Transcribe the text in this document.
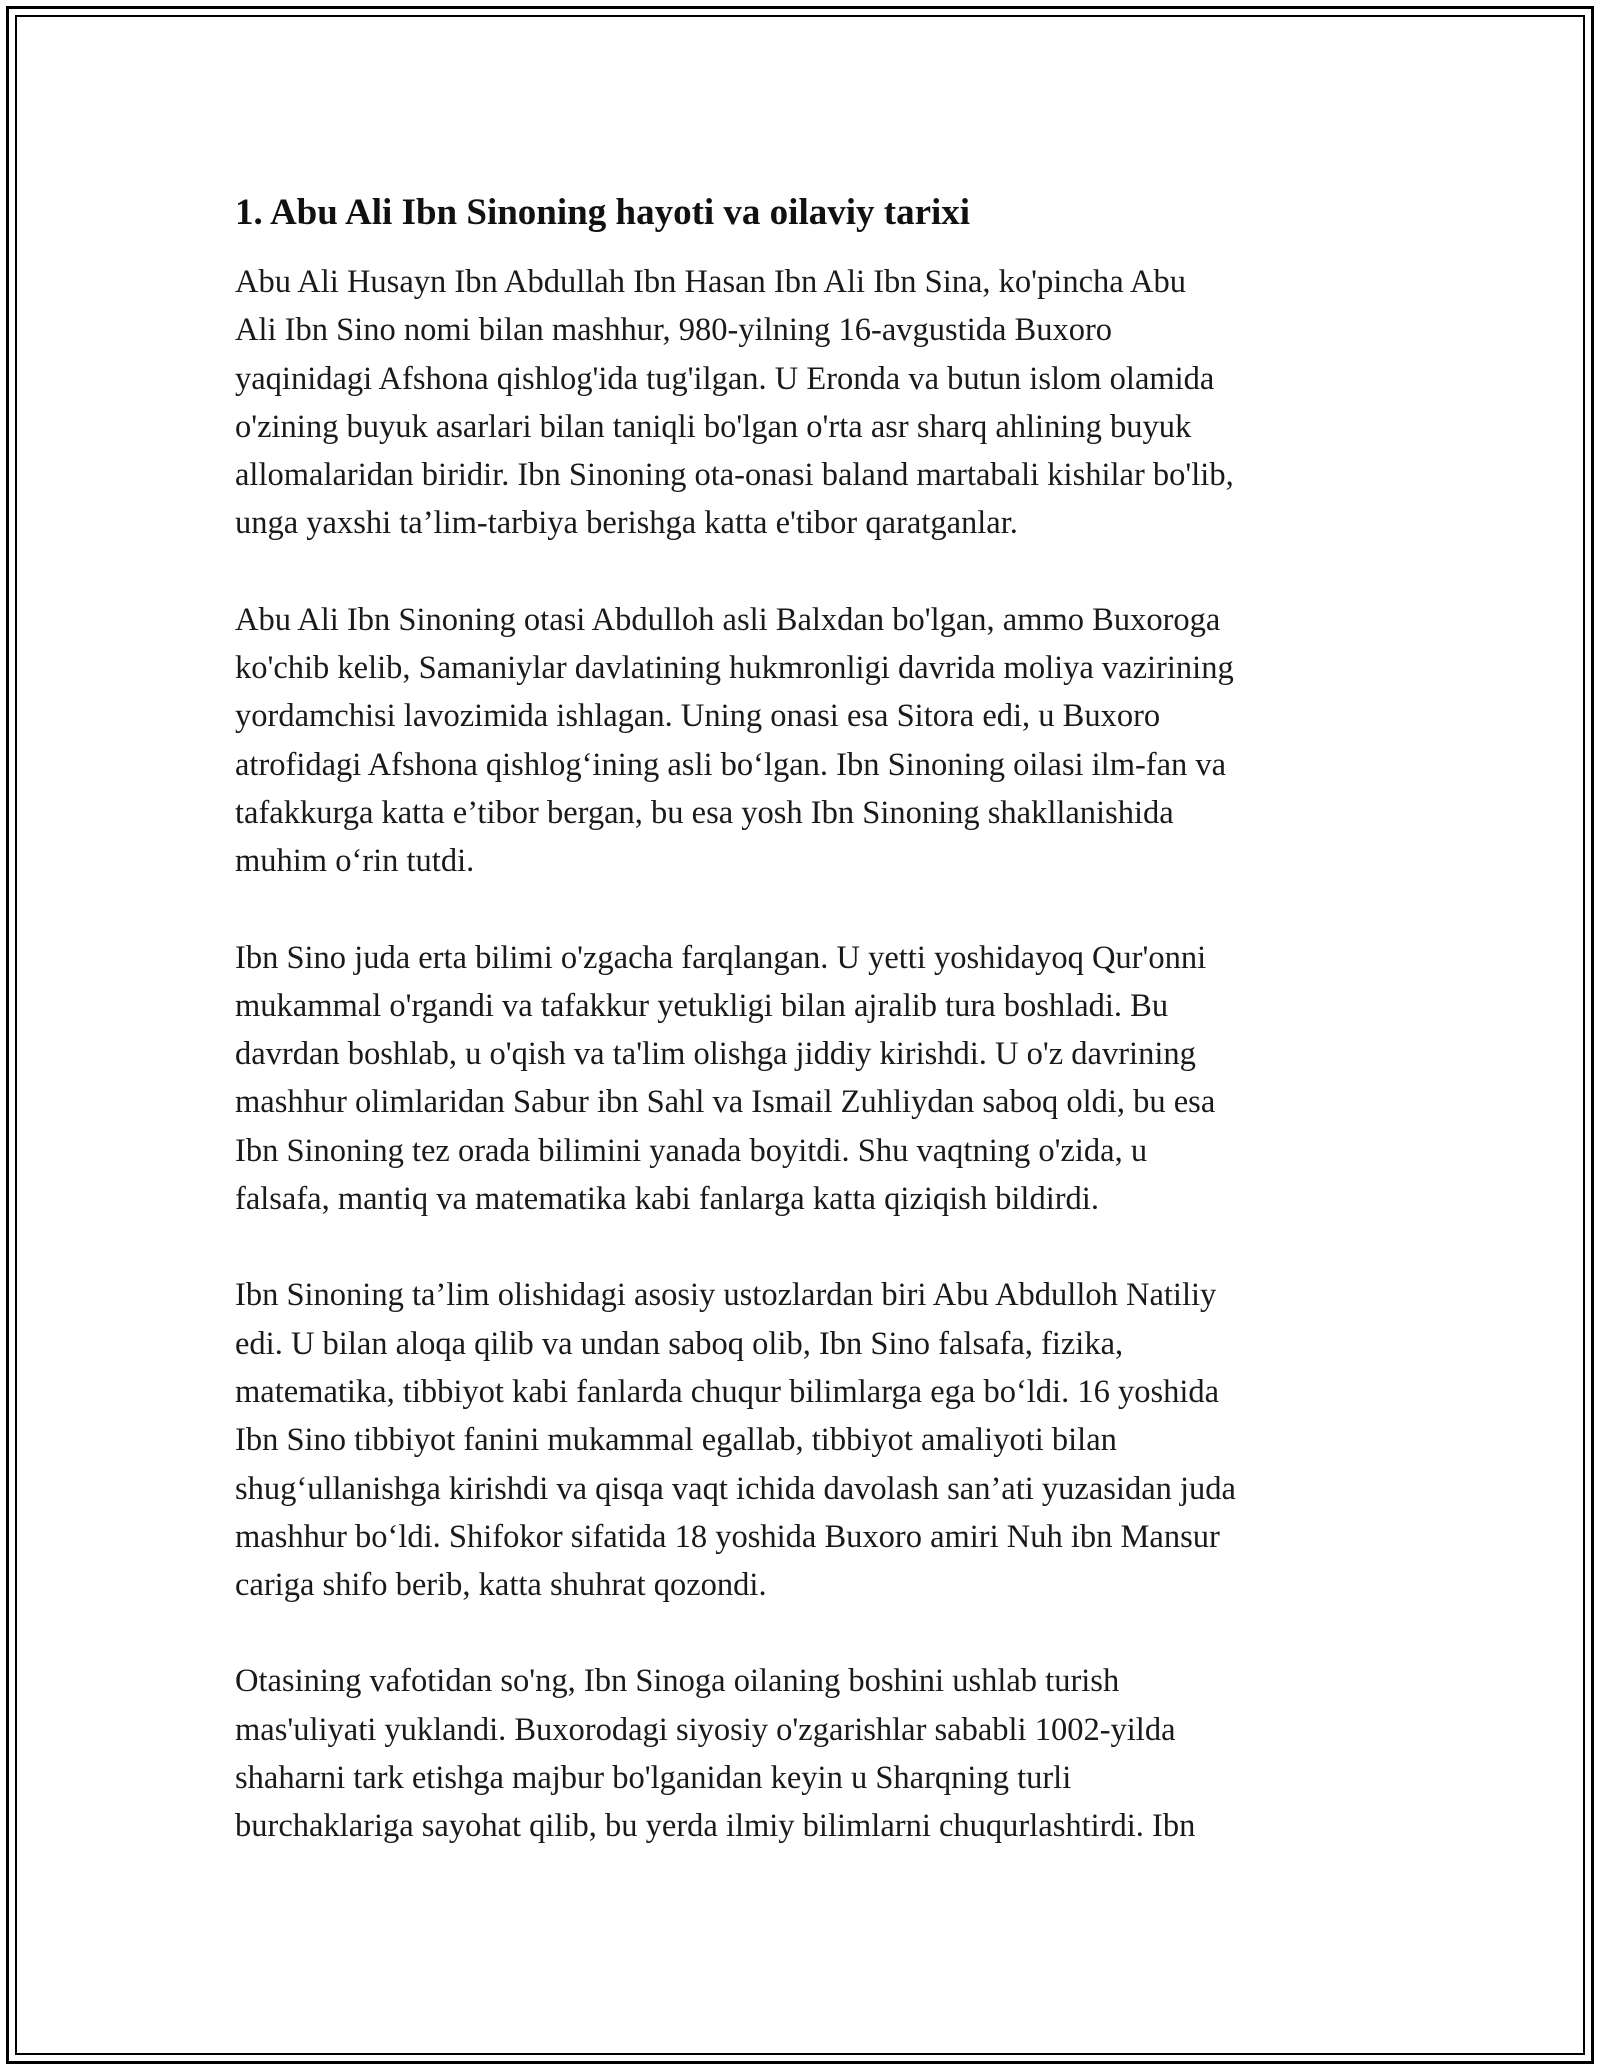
1. Abu Ali Ibn Sinoning hayoti va oilaviy tarixi

Abu Ali Husayn Ibn Abdullah Ibn Hasan Ibn Ali Ibn Sina, ko'pincha Abu
Ali Ibn Sino nomi bilan mashhur, 980-yilning 16-avgustida Buxoro
yaqinidagi Afshona qishlog'ida tug'ilgan. U Eronda va butun islom olamida
o'zining buyuk asarlari bilan taniqli bo'lgan o'rta asr sharq ahlining buyuk
allomalaridan biridir. Ibn Sinoning ota-onasi baland martabali kishilar bo'lib,
unga yaxshi ta’lim-tarbiya berishga katta e'tibor qaratganlar.

Abu Ali Ibn Sinoning otasi Abdulloh asli Balxdan bo'lgan, ammo Buxoroga
ko'chib kelib, Samaniylar davlatining hukmronligi davrida moliya vazirining
yordamchisi lavozimida ishlagan. Uning onasi esa Sitora edi, u Buxoro
atrofidagi Afshona qishlog‘ining asli bo‘lgan. Ibn Sinoning oilasi ilm-fan va
tafakkurga katta e’tibor bergan, bu esa yosh Ibn Sinoning shakllanishida
muhim o‘rin tutdi.

Ibn Sino juda erta bilimi o'zgacha farqlangan. U yetti yoshidayoq Qur'onni
mukammal o'rgandi va tafakkur yetukligi bilan ajralib tura boshladi. Bu
davrdan boshlab, u o'qish va ta'lim olishga jiddiy kirishdi. U o'z davrining
mashhur olimlaridan Sabur ibn Sahl va Ismail Zuhliydan saboq oldi, bu esa
Ibn Sinoning tez orada bilimini yanada boyitdi. Shu vaqtning o'zida, u
falsafa, mantiq va matematika kabi fanlarga katta qiziqish bildirdi.

Ibn Sinoning ta’lim olishidagi asosiy ustozlardan biri Abu Abdulloh Natiliy
edi. U bilan aloqa qilib va undan saboq olib, Ibn Sino falsafa, fizika,
matematika, tibbiyot kabi fanlarda chuqur bilimlarga ega bo‘ldi. 16 yoshida
Ibn Sino tibbiyot fanini mukammal egallab, tibbiyot amaliyoti bilan
shug‘ullanishga kirishdi va qisqa vaqt ichida davolash san’ati yuzasidan juda
mashhur bo‘ldi. Shifokor sifatida 18 yoshida Buxoro amiri Nuh ibn Mansur
cariga shifo berib, katta shuhrat qozondi.

Otasining vafotidan so'ng, Ibn Sinoga oilaning boshini ushlab turish
mas'uliyati yuklandi. Buxorodagi siyosiy o'zgarishlar sababli 1002-yilda
shaharni tark etishga majbur bo'lganidan keyin u Sharqning turli
burchaklariga sayohat qilib, bu yerda ilmiy bilimlarni chuqurlashtirdi. Ibn
